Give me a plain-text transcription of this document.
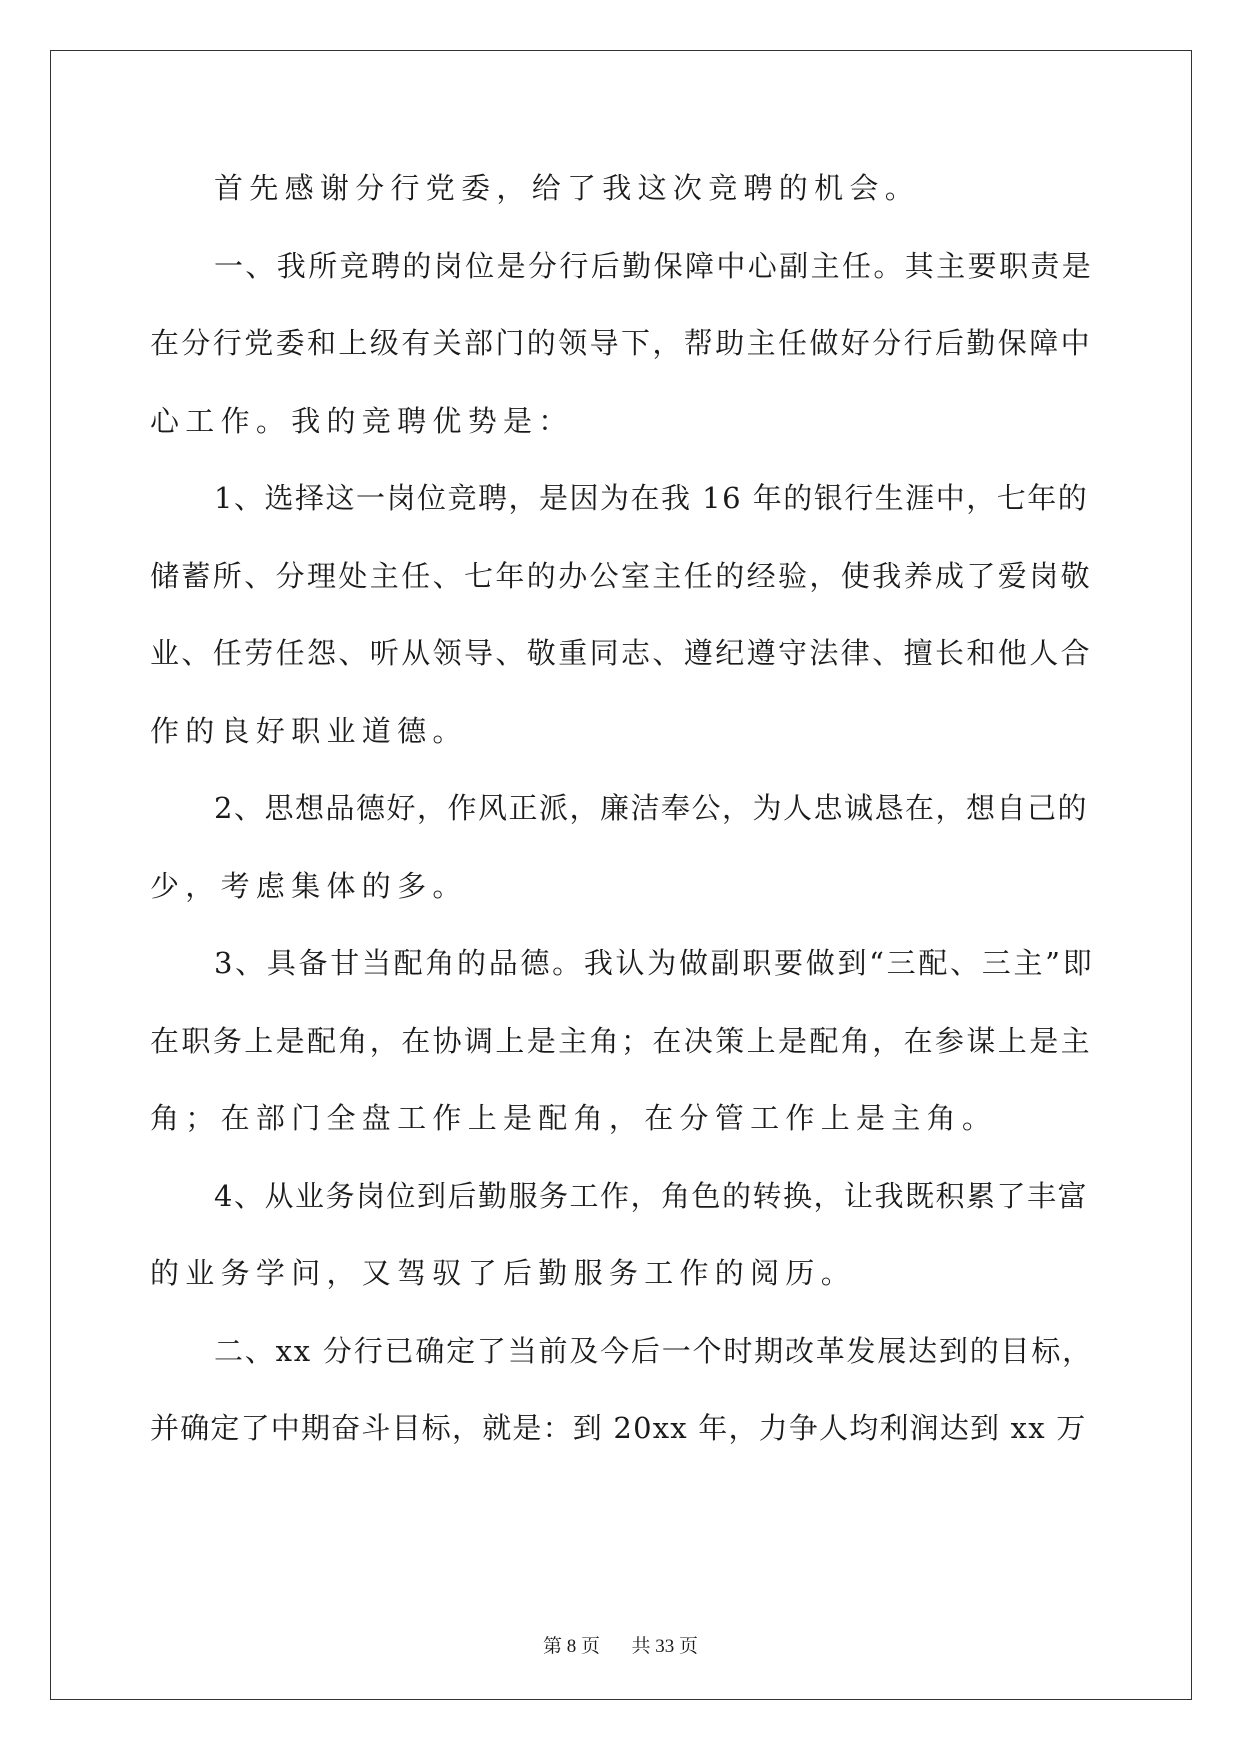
首先感谢分行党委，给了我这次竞聘的机会。
一、我所竞聘的岗位是分行后勤保障中心副主任。其主要职责是
在分行党委和上级有关部门的领导下，帮助主任做好分行后勤保障中
心工作。我的竞聘优势是：
1、选择这一岗位竞聘，是因为在我 16 年的银行生涯中，七年的
储蓄所、分理处主任、七年的办公室主任的经验，使我养成了爱岗敬
业、任劳任怨、听从领导、敬重同志、遵纪遵守法律、擅长和他人合
作的良好职业道德。
2、思想品德好，作风正派，廉洁奉公，为人忠诚恳在，想自己的
少，考虑集体的多。
3、具备甘当配角的品德。我认为做副职要做到“三配、三主”即
在职务上是配角，在协调上是主角；在决策上是配角，在参谋上是主
角；在部门全盘工作上是配角，在分管工作上是主角。
4、从业务岗位到后勤服务工作，角色的转换，让我既积累了丰富
的业务学问，又驾驭了后勤服务工作的阅历。
二、xx 分行已确定了当前及今后一个时期改革发展达到的目标，
并确定了中期奋斗目标，就是：到 20xx 年，力争人均利润达到 xx 万
第 8 页 共 33 页
